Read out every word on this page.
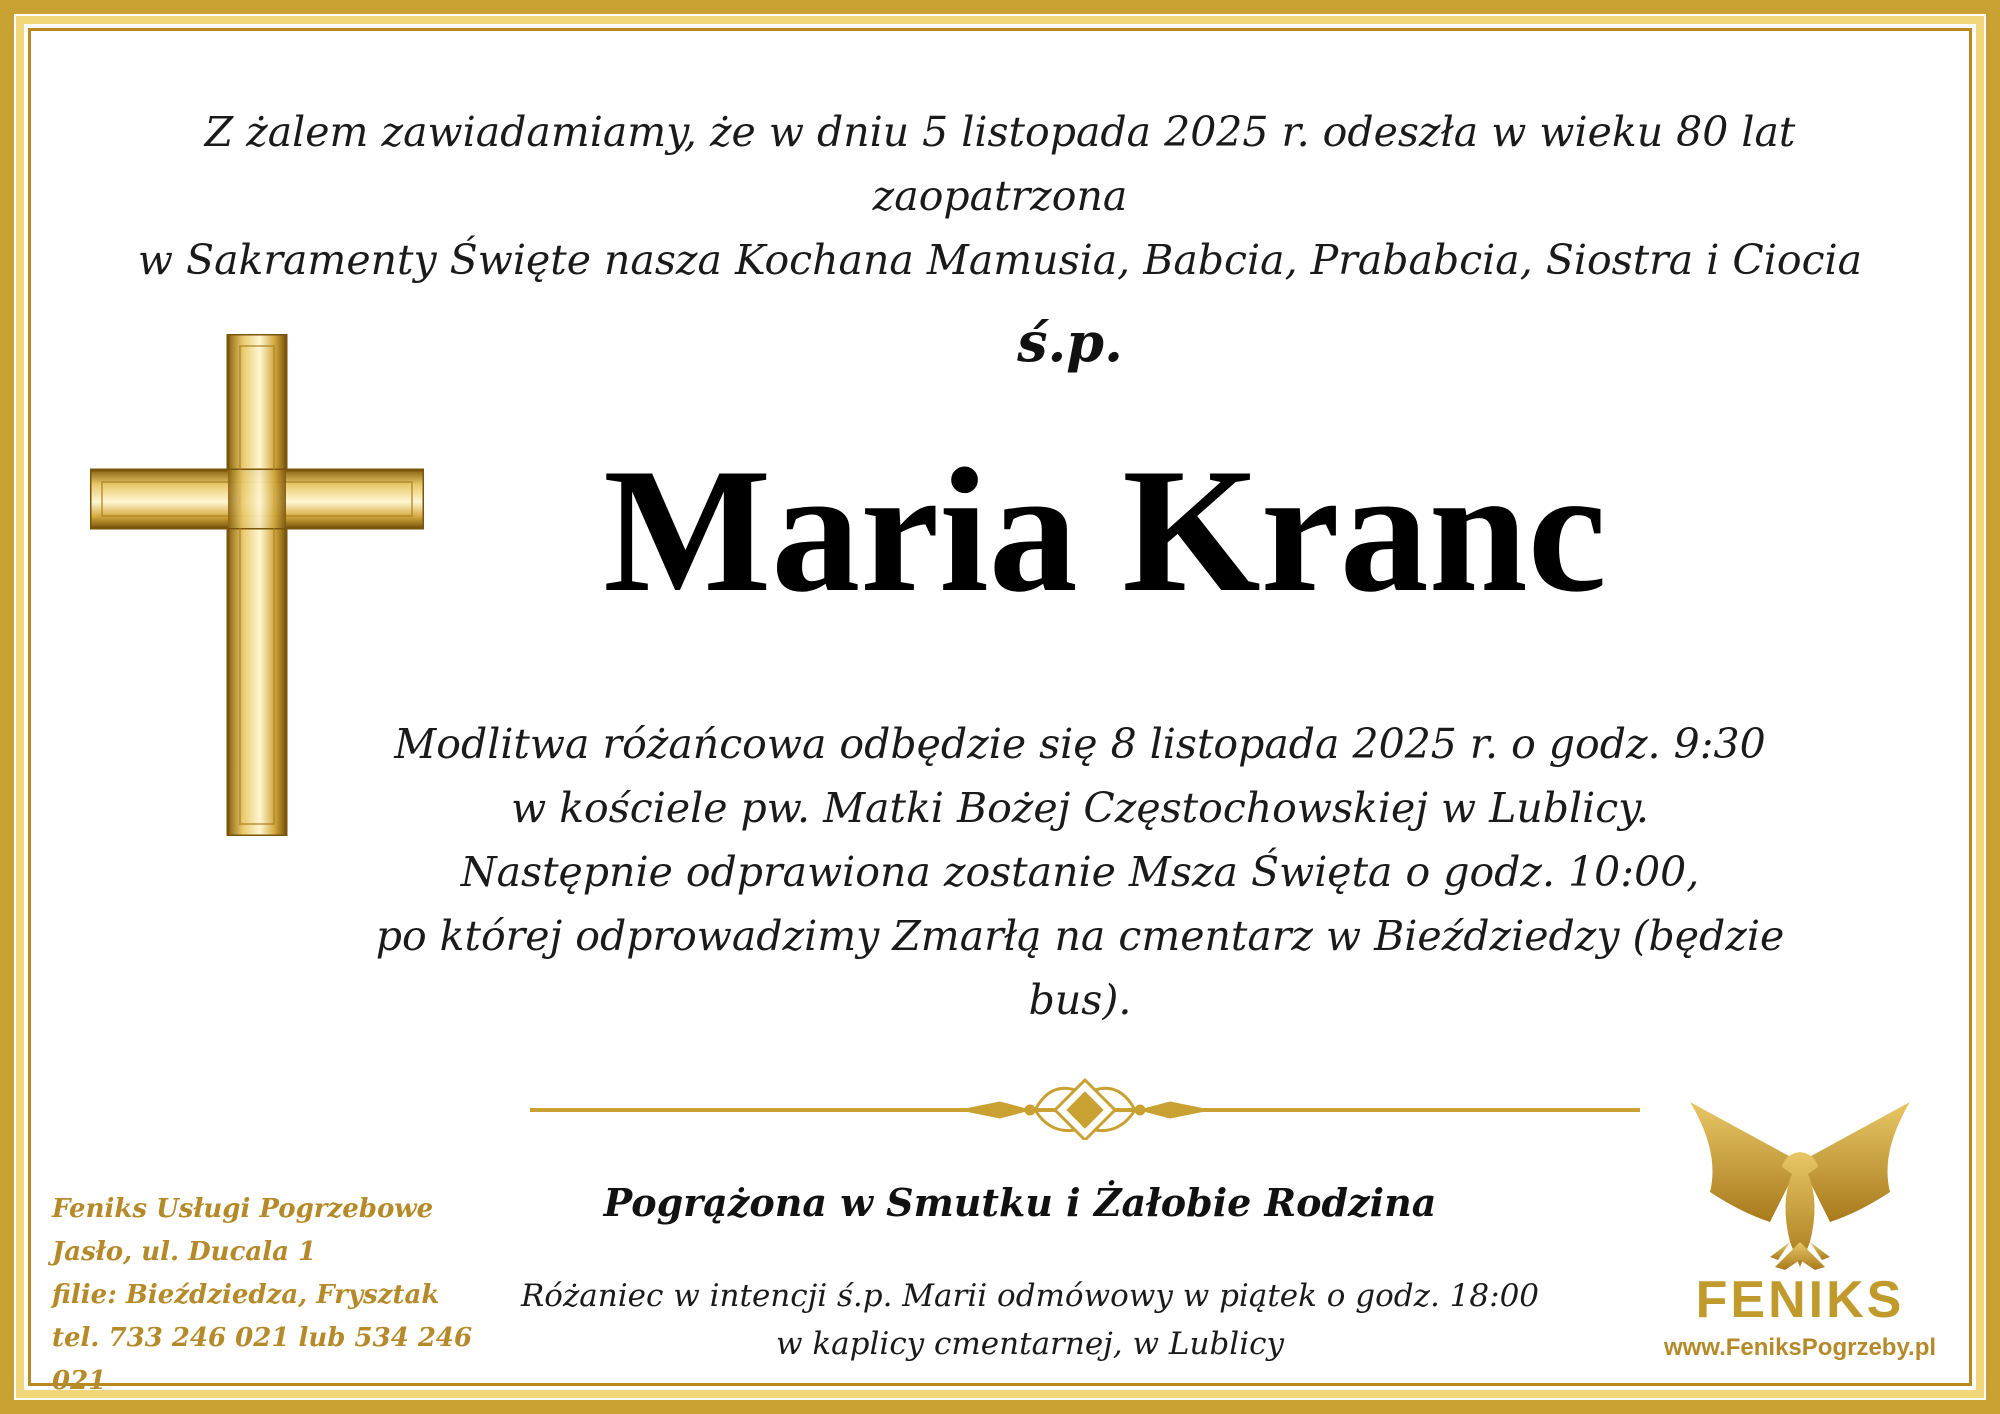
Z żalem zawiadamiamy, że w dniu 5 listopada 2025 r. odeszła w wieku 80 lat zaopatrzona
w Sakramenty Święte nasza Kochana Mamusia, Babcia, Prababcia, Siostra i Ciocia
ś.p.
Maria Kranc
Modlitwa różańcowa odbędzie się 8 listopada 2025 r. o godz. 9:30
w kościele pw. Matki Bożej Częstochowskiej w Lublicy.
Następnie odprawiona zostanie Msza Święta o godz. 10:00,
po której odprowadzimy Zmarłą na cmentarz w Bieździedzy (będzie bus).
Pogrążona w Smutku i Żałobie Rodzina
Różaniec w intencji ś.p. Marii odmówowy w piątek o godz. 18:00
w kaplicy cmentarnej, w Lublicy
Feniks Usługi Pogrzebowe
Jasło, ul. Ducala 1
filie: Bieździedza, Frysztak
tel. 733 246 021 lub 534 246 021
FENIKS
www.FeniksPogrzeby.pl
